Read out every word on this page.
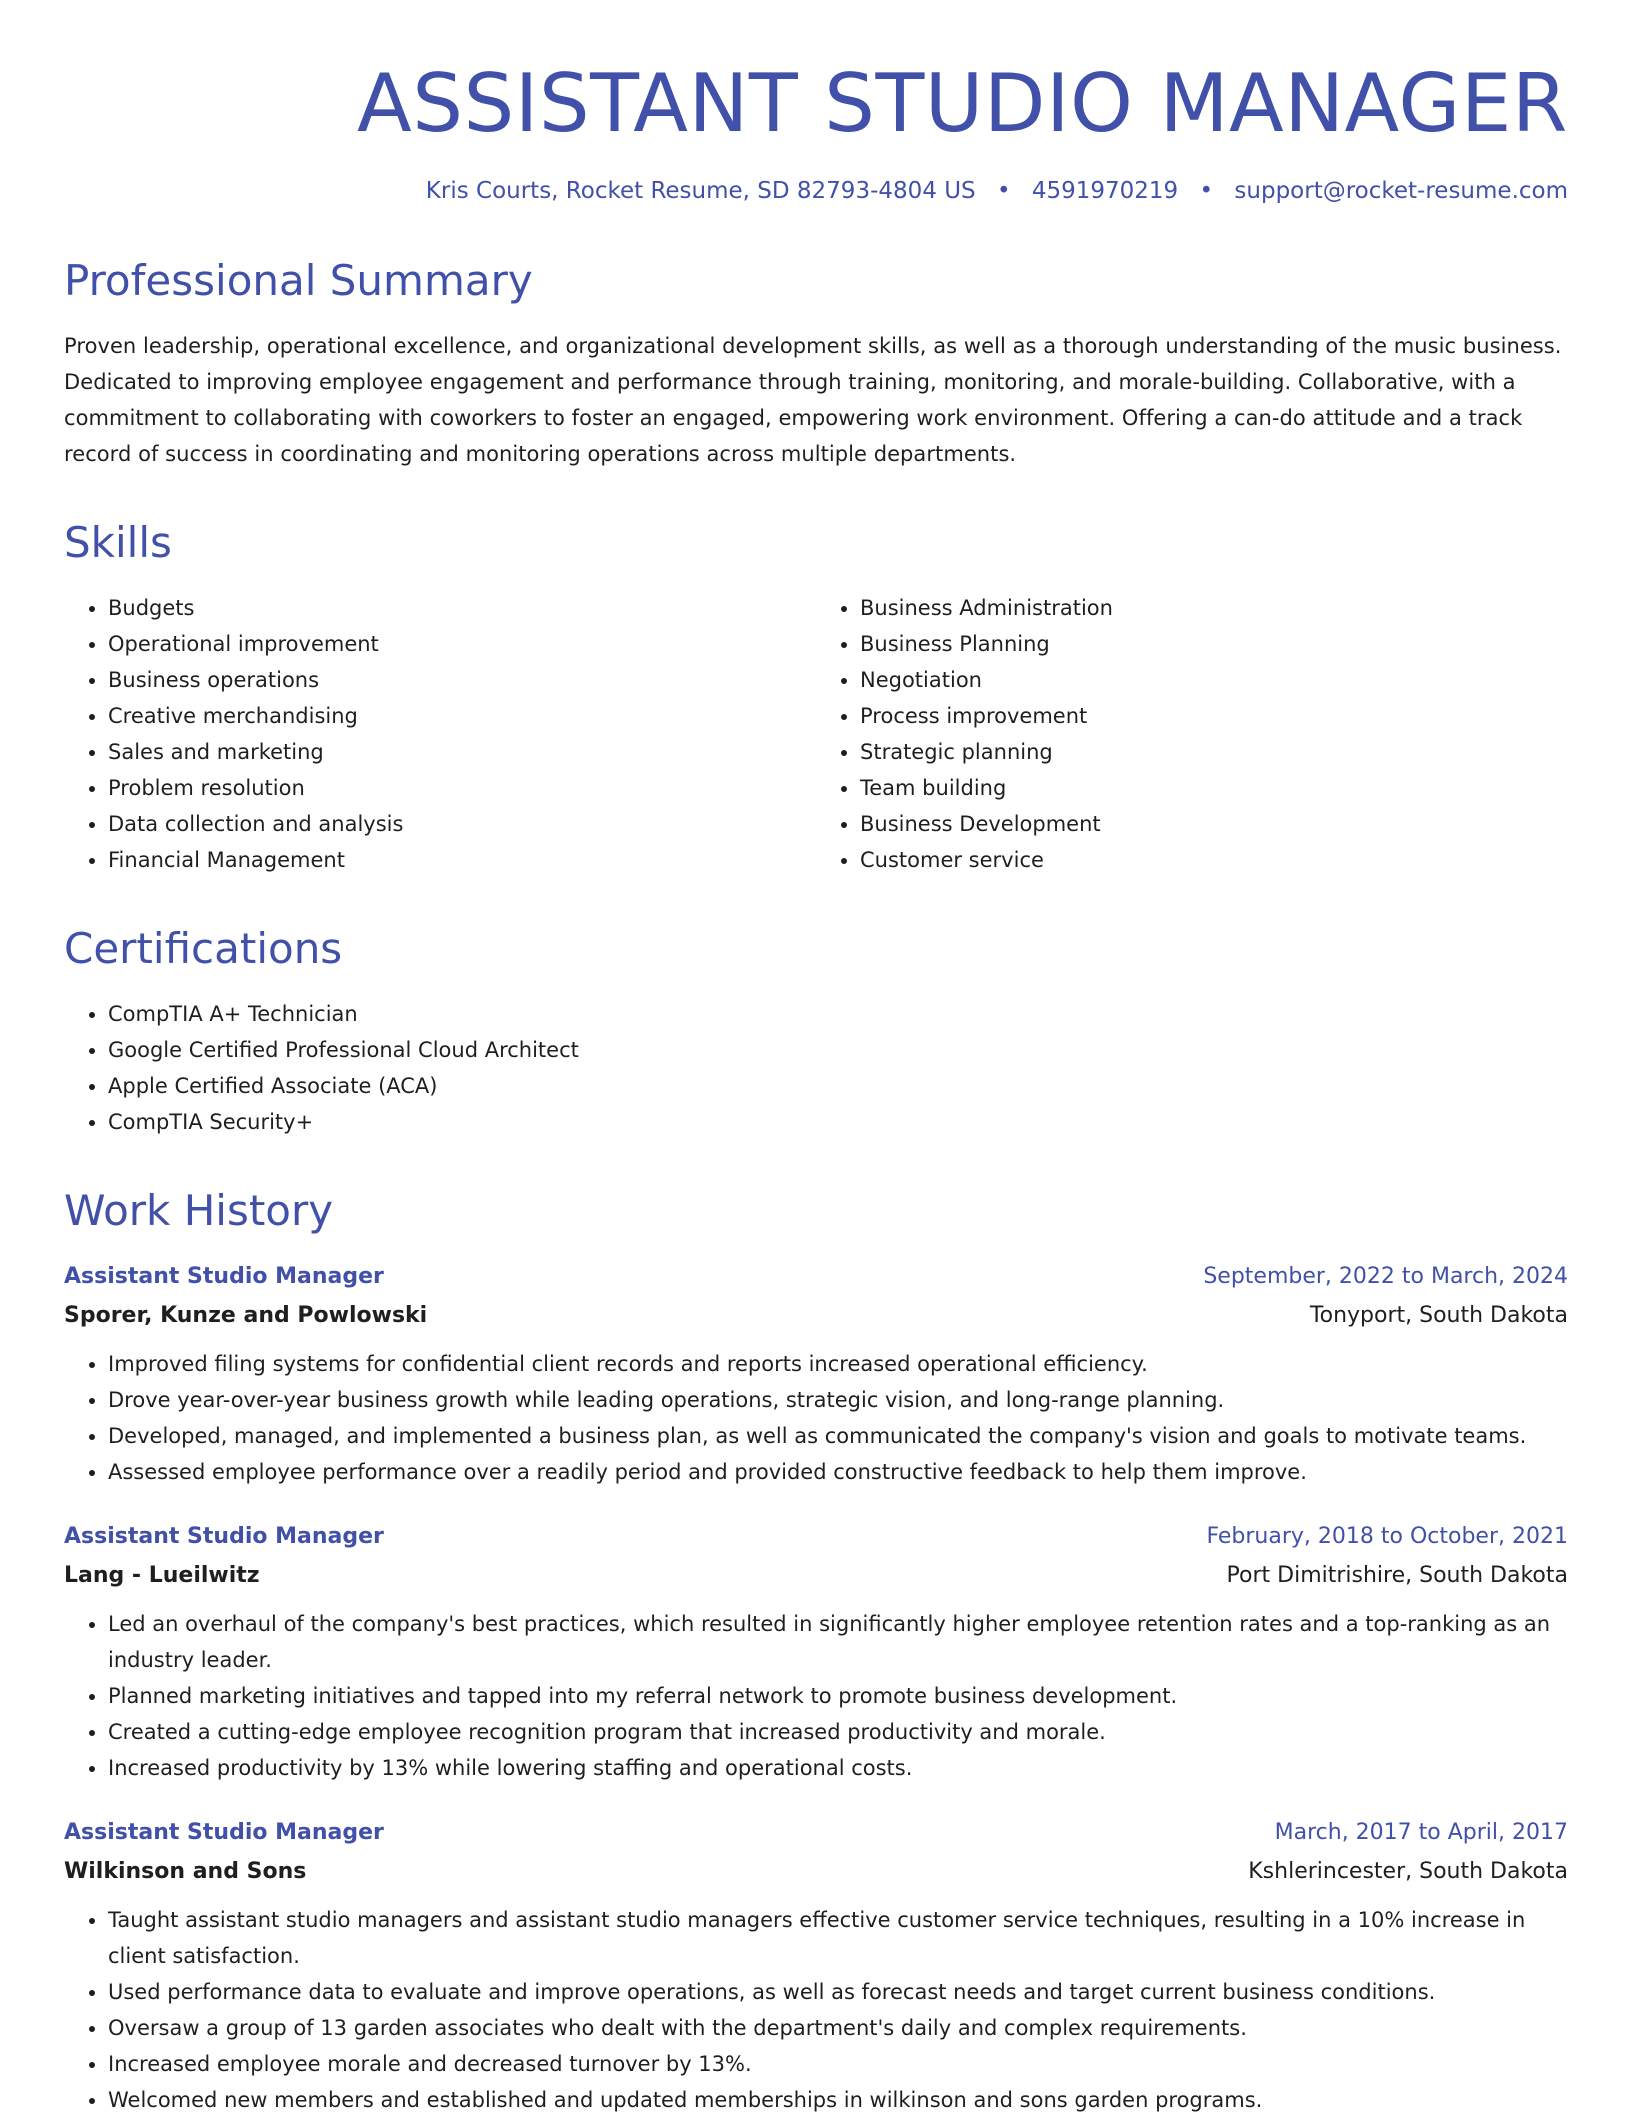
ASSISTANT STUDIO MANAGER
Kris Courts, Rocket Resume, SD 82793-4804 US • 4591970219 • support@rocket-resume.com
Professional Summary

Proven leadership, operational excellence, and organizational development skills, as well as a thorough understanding of the music business. Dedicated to improving employee engagement and performance through training, monitoring, and morale-building. Collaborative, with a commitment to collaborating with coworkers to foster an engaged, empowering work environment. Offering a can-do attitude and a track record of success in coordinating and monitoring operations across multiple departments.

Skills
• Budgets
• Operational improvement
• Business operations
• Creative merchandising
• Sales and marketing
• Problem resolution
• Data collection and analysis
• Financial Management
• Business Administration
• Business Planning
• Negotiation
• Process improvement
• Strategic planning
• Team building
• Business Development
• Customer service
Certifications
• CompTIA A+ Technician
• Google Certified Professional Cloud Architect
• Apple Certified Associate (ACA)
• CompTIA Security+
Work History
Assistant Studio Manager	September, 2022 to March, 2024
Sporer, Kunze and Powlowski	Tonyport, South Dakota
• Improved filing systems for confidential client records and reports increased operational efficiency.
• Drove year-over-year business growth while leading operations, strategic vision, and long-range planning.
• Developed, managed, and implemented a business plan, as well as communicated the company's vision and goals to motivate teams.
• Assessed employee performance over a readily period and provided constructive feedback to help them improve.
Assistant Studio Manager	February, 2018 to October, 2021
Lang - Lueilwitz	Port Dimitrishire, South Dakota
• Led an overhaul of the company's best practices, which resulted in significantly higher employee retention rates and a top-ranking as an industry leader.
• Planned marketing initiatives and tapped into my referral network to promote business development.
• Created a cutting-edge employee recognition program that increased productivity and morale.
• Increased productivity by 13% while lowering staffing and operational costs.
Assistant Studio Manager	March, 2017 to April, 2017
Wilkinson and Sons	Kshlerincester, South Dakota
• Taught assistant studio managers and assistant studio managers effective customer service techniques, resulting in a 10% increase in client satisfaction.
• Used performance data to evaluate and improve operations, as well as forecast needs and target current business conditions.
• Oversaw a group of 13 garden associates who dealt with the department's daily and complex requirements.
• Increased employee morale and decreased turnover by 13%.
• Welcomed new members and established and updated memberships in wilkinson and sons garden programs.
